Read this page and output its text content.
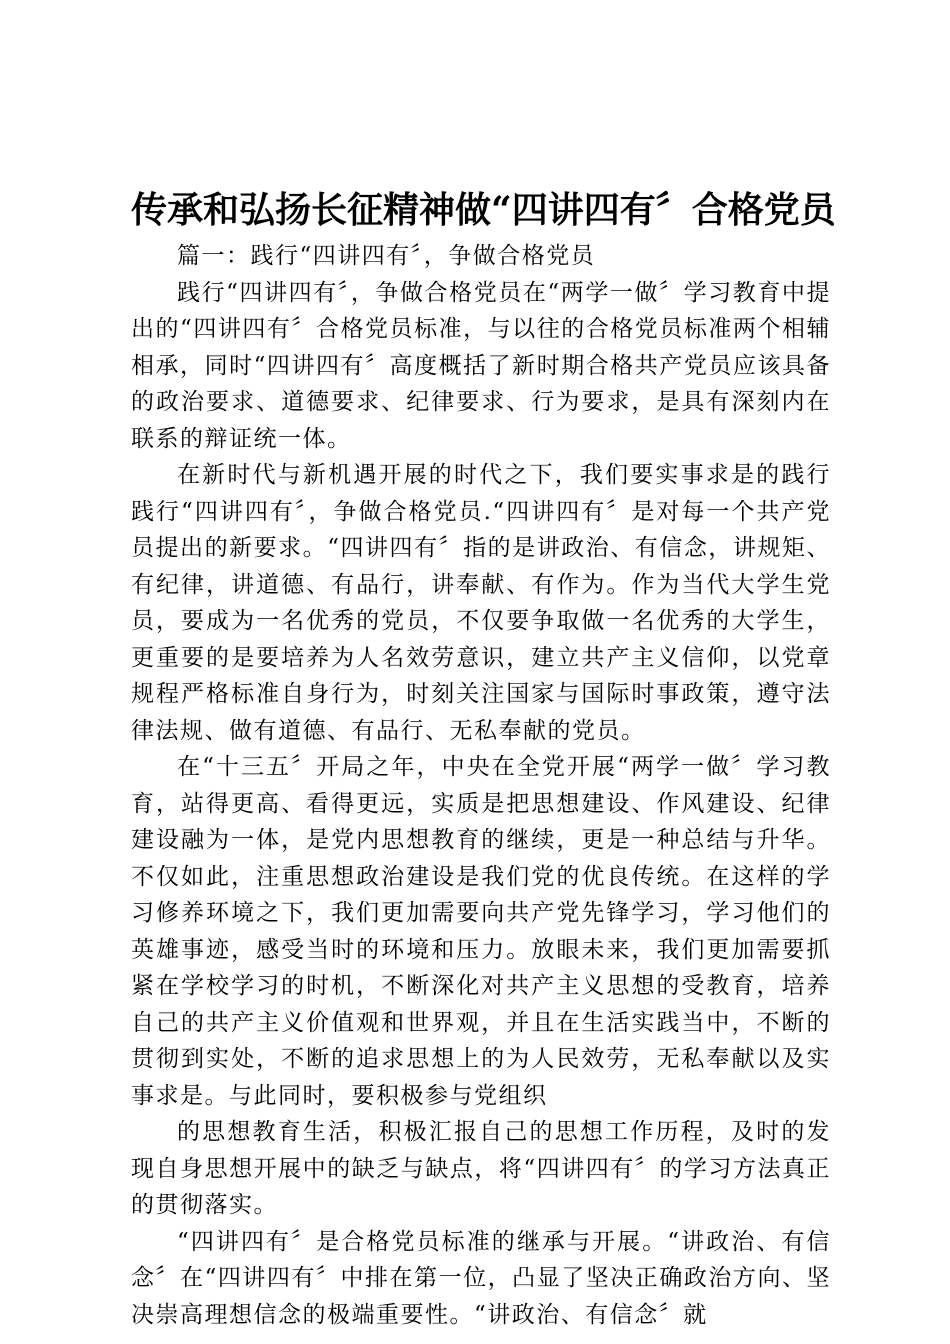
传承和弘扬长征精神做“四讲四有〞合格党员

篇一：践行“四讲四有〞，争做合格党员

践行“四讲四有〞，争做合格党员在“两学一做〞学习教育中提出的“四讲四有〞合格党员标准，与以往的合格党员标准两个相辅相承，同时“四讲四有〞高度概括了新时期合格共产党员应该具备的政治要求、道德要求、纪律要求、行为要求，是具有深刻内在联系的辩证统一体。

在新时代与新机遇开展的时代之下，我们要实事求是的践行践行“四讲四有〞，争做合格党员.“四讲四有〞是对每一个共产党员提出的新要求。“四讲四有〞指的是讲政治、有信念，讲规矩、有纪律，讲道德、有品行，讲奉献、有作为。作为当代大学生党员，要成为一名优秀的党员，不仅要争取做一名优秀的大学生，更重要的是要培养为人名效劳意识，建立共产主义信仰，以党章规程严格标准自身行为，时刻关注国家与国际时事政策，遵守法律法规、做有道德、有品行、无私奉献的党员。

在“十三五〞开局之年，中央在全党开展“两学一做〞学习教育，站得更高、看得更远，实质是把思想建设、作风建设、纪律建设融为一体，是党内思想教育的继续，更是一种总结与升华。不仅如此，注重思想政治建设是我们党的优良传统。在这样的学习修养环境之下，我们更加需要向共产党先锋学习，学习他们的英雄事迹，感受当时的环境和压力。放眼未来，我们更加需要抓紧在学校学习的时机，不断深化对共产主义思想的受教育，培养自己的共产主义价值观和世界观，并且在生活实践当中，不断的贯彻到实处，不断的追求思想上的为人民效劳，无私奉献以及实事求是。与此同时，要积极参与党组织

的思想教育生活，积极汇报自己的思想工作历程，及时的发现自身思想开展中的缺乏与缺点，将“四讲四有〞的学习方法真正的贯彻落实。

“四讲四有〞是合格党员标准的继承与开展。“讲政治、有信念〞在“四讲四有〞中排在第一位，凸显了坚决正确政治方向、坚决崇高理想信念的极端重要性。“讲政治、有信念〞就
